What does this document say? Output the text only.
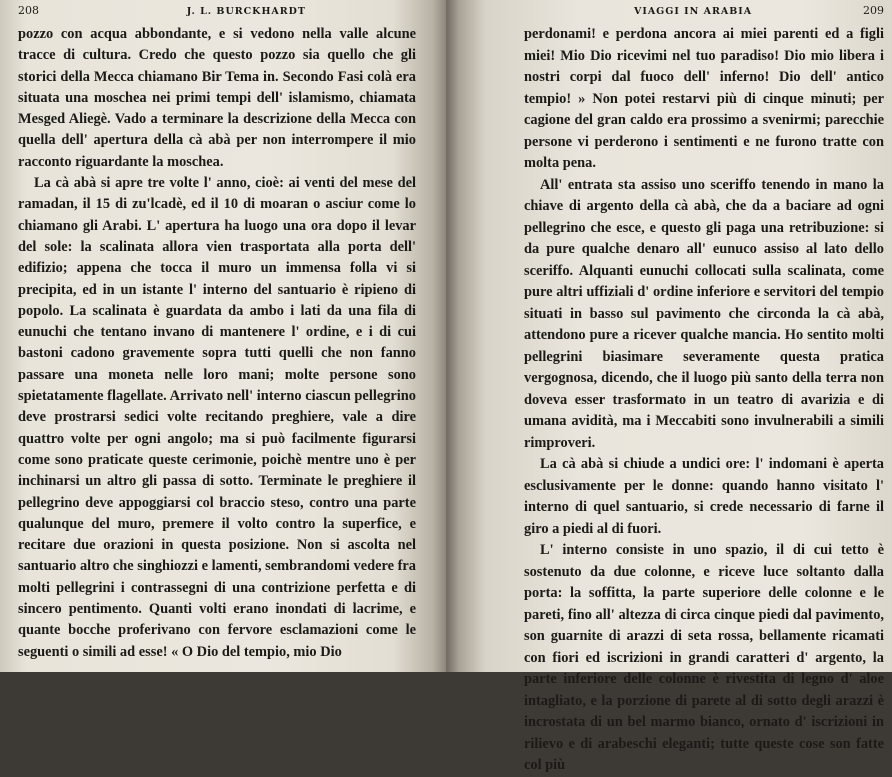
208	J. L. BURCKHARDT

pozzo con acqua abbondante, e si vedono nella valle alcune tracce di cultura. Credo che questo pozzo sia quello che gli storici della Mecca chiamano Bir Tema in. Secondo Fasi colà era situata una moschea nei primi tempi dell' islamismo, chiamata Mesged Aliegè. Vado a terminare la descrizione della Mecca con quella dell' apertura della cà abà per non interrompere il mio racconto riguardante la moschea.

La cà abà si apre tre volte l' anno, cioè: ai venti del mese del ramadan, il 15 di zu'lcadè, ed il 10 di moaran o asciur come lo chiamano gli Arabi. L' apertura ha luogo una ora dopo il levar del sole: la scalinata allora vien trasportata alla porta dell' edifizio; appena che tocca il muro un immensa folla vi si precipita, ed in un istante l' interno del santuario è ripieno di popolo. La scalinata è guardata da ambo i lati da una fila di eunuchi che tentano invano di mantenere l' ordine, e i di cui bastoni cadono gravemente sopra tutti quelli che non fanno passare una moneta nelle loro mani; molte persone sono spietatamente flagellate. Arrivato nell' interno ciascun pellegrino deve prostrarsi sedici volte recitando preghiere, vale a dire quattro volte per ogni angolo; ma si può facilmente figurarsi come sono praticate queste cerimonie, poichè mentre uno è per inchinarsi un altro gli passa di sotto. Terminate le preghiere il pellegrino deve appoggiarsi col braccio steso, contro una parte qualunque del muro, premere il volto contro la superfice, e recitare due orazioni in questa posizione. Non si ascolta nel santuario altro che singhiozzi e lamenti, sembrandomi vedere fra molti pellegrini i contrassegni di una contrizione perfetta e di sincero pentimento. Quanti volti erano inondati di lacrime, e quante bocche proferivano con fervore esclamazioni come le seguenti o simili ad esse! « O Dio del tempio, mio Dio

VIAGGI IN ARABIA	209

perdonami! e perdona ancora ai miei parenti ed a figli miei! Mio Dio ricevimi nel tuo paradiso! Dio mio libera i nostri corpi dal fuoco dell' inferno! Dio dell' antico tempio! » Non potei restarvi più di cinque minuti; per cagione del gran caldo era prossimo a svenirmi; parecchie persone vi perderono i sentimenti e ne furono tratte con molta pena.

All' entrata sta assiso uno sceriffo tenendo in mano la chiave di argento della cà abà, che da a baciare ad ogni pellegrino che esce, e questo gli paga una retribuzione: si da pure qualche denaro all' eunuco assiso al lato dello sceriffo. Alquanti eunuchi collocati sulla scalinata, come pure altri uffiziali d' ordine inferiore e servitori del tempio situati in basso sul pavimento che circonda la cà abà, attendono pure a ricever qualche mancia. Ho sentito molti pellegrini biasimare severamente questa pratica vergognosa, dicendo, che il luogo più santo della terra non doveva esser trasformato in un teatro di avarizia e di umana avidità, ma i Meccabiti sono invulnerabili a simili rimproveri.

La cà abà si chiude a undici ore: l' indomani è aperta esclusivamente per le donne: quando hanno visitato l' interno di quel santuario, si crede necessario di farne il giro a piedi al di fuori.

L' interno consiste in uno spazio, il di cui tetto è sostenuto da due colonne, e riceve luce soltanto dalla porta: la soffitta, la parte superiore delle colonne e le pareti, fino all' altezza di circa cinque piedi dal pavimento, son guarnite di arazzi di seta rossa, bellamente ricamati con fiori ed iscrizioni in grandi caratteri d' argento, la parte inferiore delle colonne è rivestita di legno d' aloe intagliato, e la porzione di parete al di sotto degli arazzi è incrostata di un bel marmo bianco, ornato d' iscrizioni in rilievo e di arabeschi eleganti; tutte queste cose son fatte col più
